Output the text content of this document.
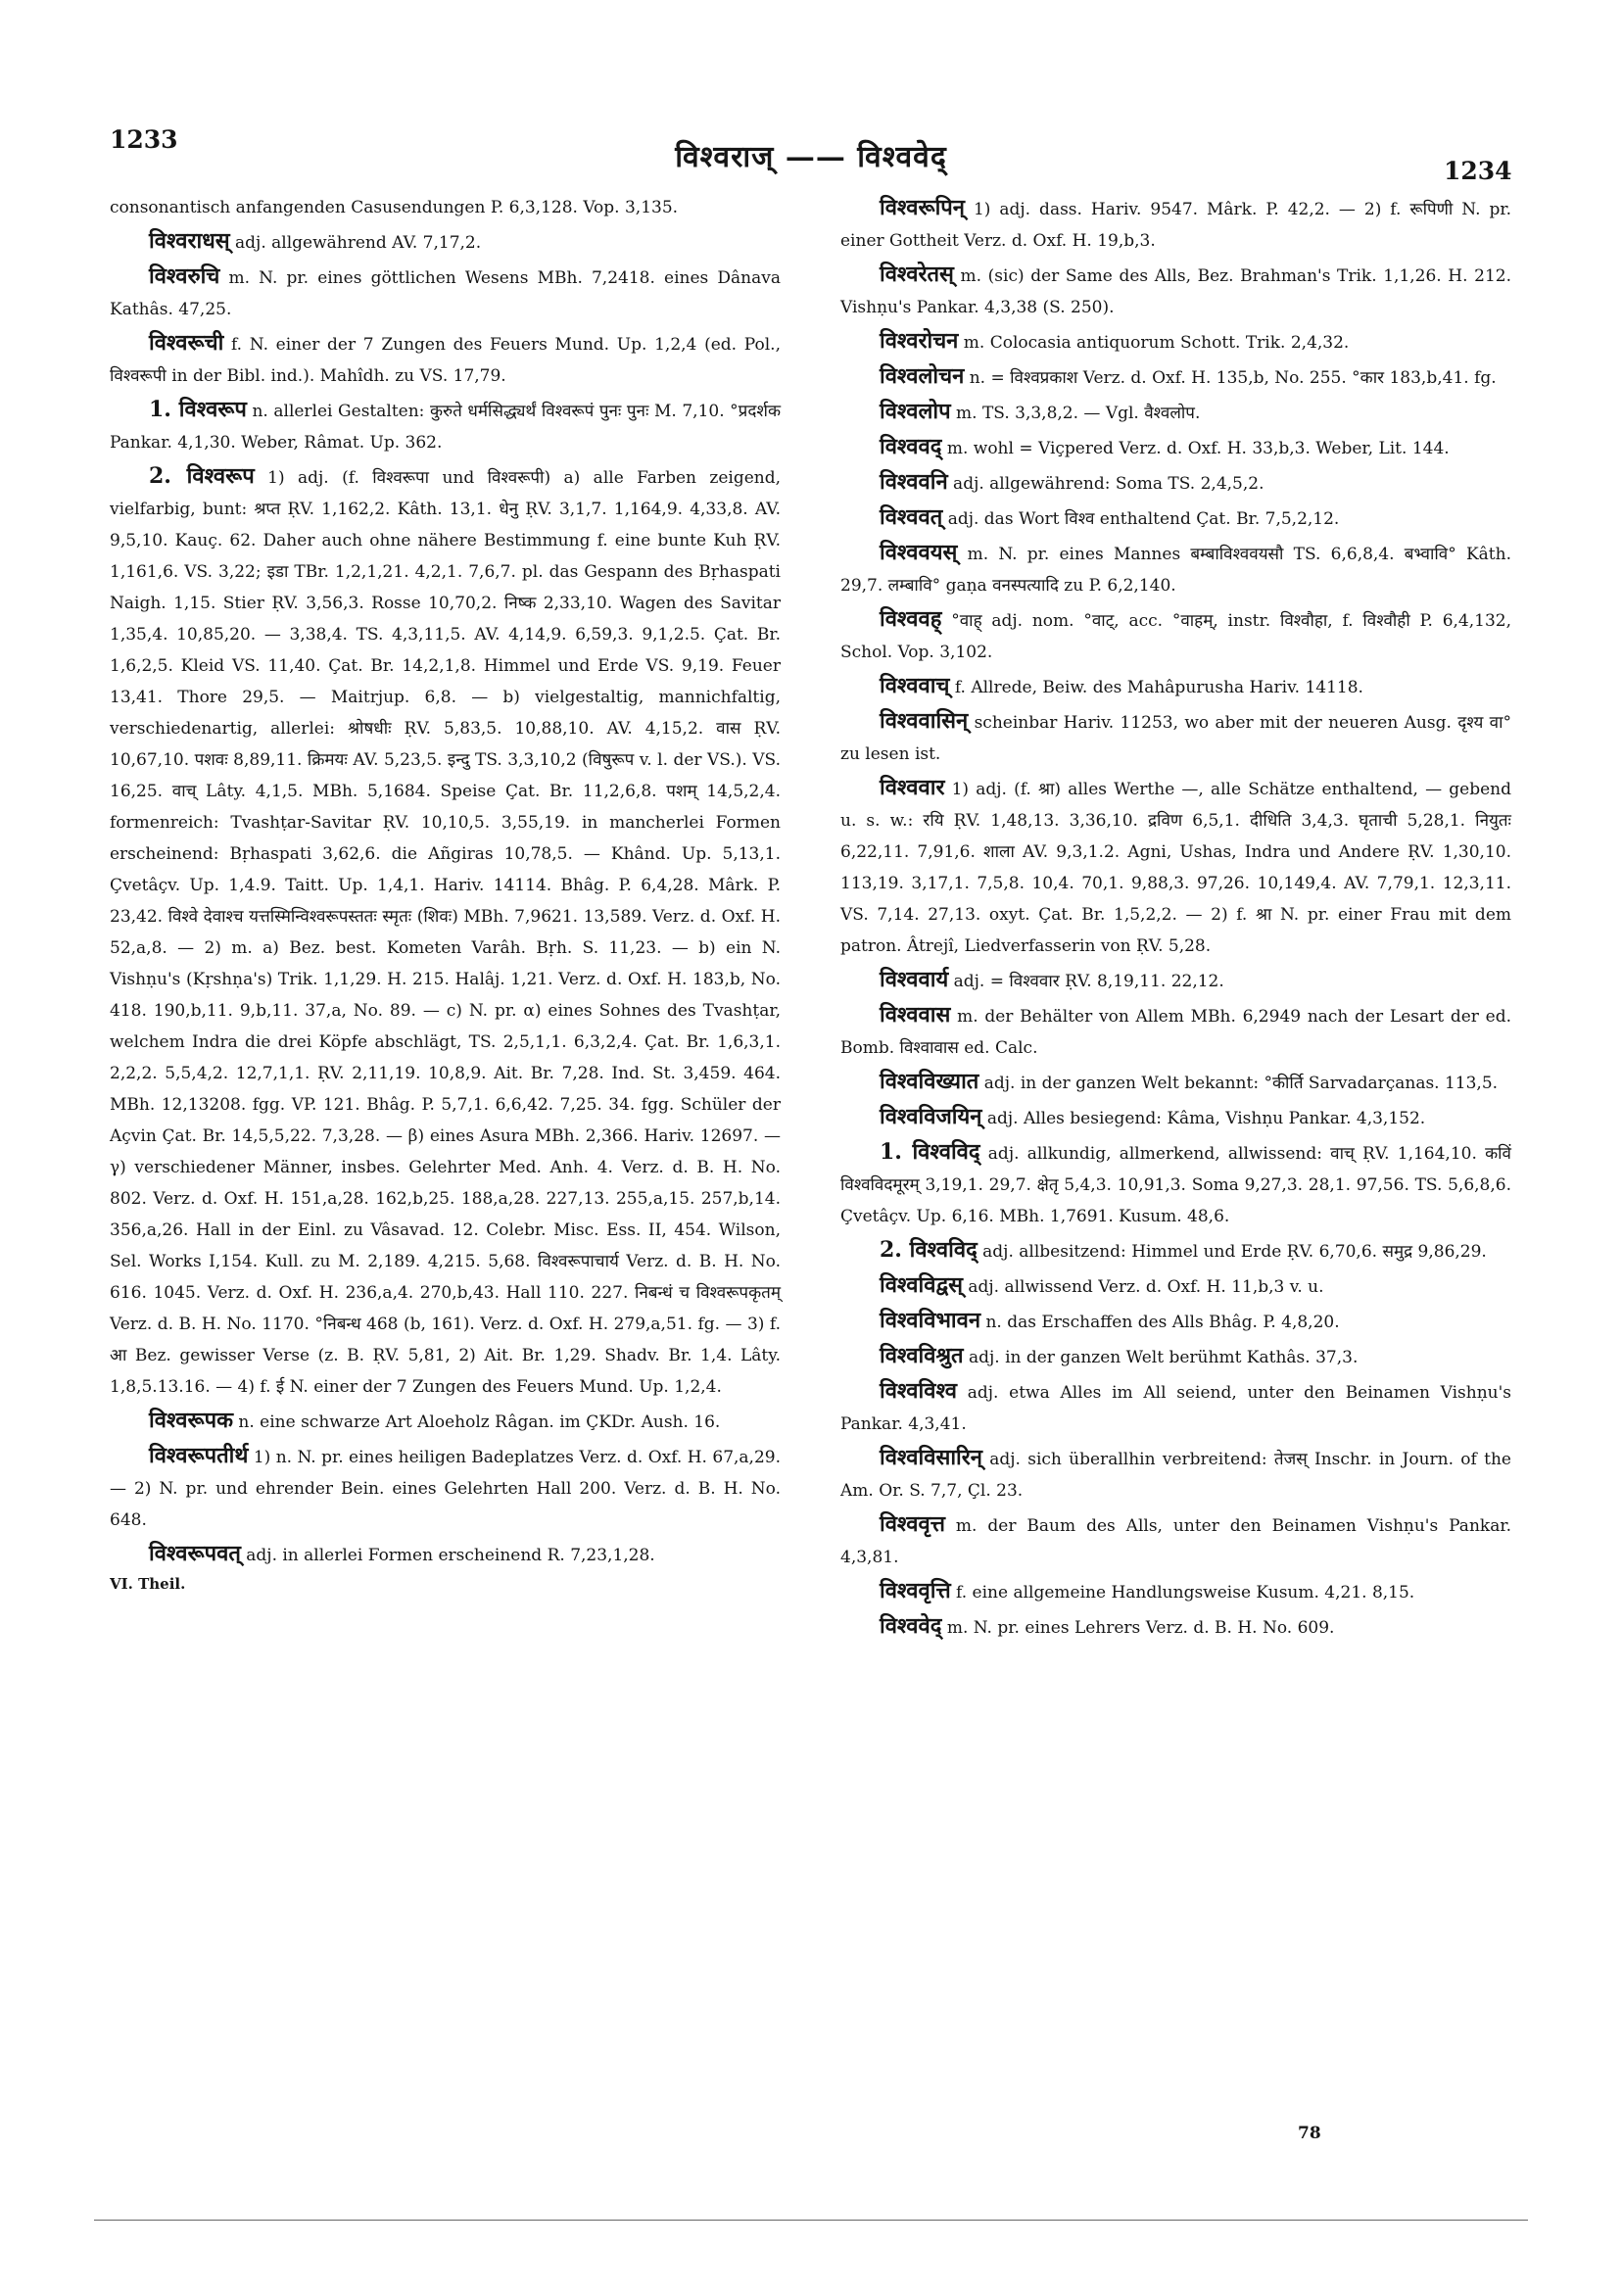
1233
विश्वराज् —— विश्ववेद्	1234

consonantisch anfangenden Casusendungen P. 6,3,128. Vop. 3,135.

विश्वराधस् adj. allgewährend AV. 7,17,2.

विश्वरुचि m. N. pr. eines göttlichen Wesens MBh. 7,2418. eines Dânava Kathâs. 47,25.

विश्वरूची f. N. einer der 7 Zungen des Feuers Mund. Up. 1,2,4 (ed. Pol., विश्वरूपी in der Bibl. ind.). Mahîdh. zu VS. 17,79.

1. विश्वरूप n. allerlei Gestalten: कुरुते धर्मसिद्ध्यर्थं विश्वरूपं पुनः पुनः M. 7,10. °प्रदर्शक Pankar. 4,1,30. Weber, Râmat. Up. 362.

2. विश्वरूप 1) adj. (f. विश्वरूपा und विश्वरूपी) a) alle Farben zeigend, vielfarbig, bunt: श्रप्त ṚV. 1,162,2. Kâth. 13,1. धेनु ṚV. 3,1,7. 1,164,9. 4,33,8. AV. 9,5,10. Kauç. 62. Daher auch ohne nähere Bestimmung f. eine bunte Kuh ṚV. 1,161,6. VS. 3,22; इडा TBr. 1,2,1,21. 4,2,1. 7,6,7. pl. das Gespann des Bṛhaspati Naigh. 1,15. Stier ṚV. 3,56,3. Rosse 10,70,2. निष्क 2,33,10. Wagen des Savitar 1,35,4. 10,85,20. — 3,38,4. TS. 4,3,11,5. AV. 4,14,9. 6,59,3. 9,1,2.5. Çat. Br. 1,6,2,5. Kleid VS. 11,40. Çat. Br. 14,2,1,8. Himmel und Erde VS. 9,19. Feuer 13,41. Thore 29,5. — Maitrjup. 6,8. — b) vielgestaltig, mannichfaltig, verschiedenartig, allerlei: श्रोषधीः ṚV. 5,83,5. 10,88,10. AV. 4,15,2. वास ṚV. 10,67,10. पशवः 8,89,11. क्रिमयः AV. 5,23,5. इन्दु TS. 3,3,10,2 (विषुरूप v. l. der VS.). VS. 16,25. वाच् Lâty. 4,1,5. MBh. 5,1684. Speise Çat. Br. 11,2,6,8. पशम् 14,5,2,4. formenreich: Tvashṭar-Savitar ṚV. 10,10,5. 3,55,19. in mancherlei Formen erscheinend: Bṛhaspati 3,62,6. die Añgiras 10,78,5. — Khând. Up. 5,13,1. Çvetâçv. Up. 1,4.9. Taitt. Up. 1,4,1. Hariv. 14114. Bhâg. P. 6,4,28. Mârk. P. 23,42. विश्वे देवाश्च यत्तस्मिन्विश्वरूपस्ततः स्मृतः (शिवः) MBh. 7,9621. 13,589. Verz. d. Oxf. H. 52,a,8. — 2) m. a) Bez. best. Kometen Varâh. Bṛh. S. 11,23. — b) ein N. Vishṇu's (Kṛshṇa's) Trik. 1,1,29. H. 215. Halâj. 1,21. Verz. d. Oxf. H. 183,b, No. 418. 190,b,11. 9,b,11. 37,a, No. 89. — c) N. pr. α) eines Sohnes des Tvashṭar, welchem Indra die drei Köpfe abschlägt, TS. 2,5,1,1. 6,3,2,4. Çat. Br. 1,6,3,1. 2,2,2. 5,5,4,2. 12,7,1,1. ṚV. 2,11,19. 10,8,9. Ait. Br. 7,28. Ind. St. 3,459. 464. MBh. 12,13208. fgg. VP. 121. Bhâg. P. 5,7,1. 6,6,42. 7,25. 34. fgg. Schüler der Açvin Çat. Br. 14,5,5,22. 7,3,28. — β) eines Asura MBh. 2,366. Hariv. 12697. — γ) verschiedener Männer, insbes. Gelehrter Med. Anh. 4. Verz. d. B. H. No. 802. Verz. d. Oxf. H. 151,a,28. 162,b,25. 188,a,28. 227,13. 255,a,15. 257,b,14. 356,a,26. Hall in der Einl. zu Vâsavad. 12. Colebr. Misc. Ess. II, 454. Wilson, Sel. Works I,154. Kull. zu M. 2,189. 4,215. 5,68. विश्वरूपाचार्य Verz. d. B. H. No. 616. 1045. Verz. d. Oxf. H. 236,a,4. 270,b,43. Hall 110. 227. निबन्धं च विश्वरूपकृतम् Verz. d. B. H. No. 1170. °निबन्ध 468 (b, 161). Verz. d. Oxf. H. 279,a,51. fg. — 3) f. आ Bez. gewisser Verse (z. B. ṚV. 5,81, 2) Ait. Br. 1,29. Shadv. Br. 1,4. Lâty. 1,8,5.13.16. — 4) f. ई N. einer der 7 Zungen des Feuers Mund. Up. 1,2,4.

विश्वरूपक n. eine schwarze Art Aloeholz Râgan. im ÇKDr. Aush. 16.

विश्वरूपतीर्थ 1) n. N. pr. eines heiligen Badeplatzes Verz. d. Oxf. H. 67,a,29. — 2) N. pr. und ehrender Bein. eines Gelehrten Hall 200. Verz. d. B. H. No. 648.

विश्वरूपवत् adj. in allerlei Formen erscheinend R. 7,23,1,28.

VI. Theil.

विश्वरूपिन् 1) adj. dass. Hariv. 9547. Mârk. P. 42,2. — 2) f. रूपिणी N. pr. einer Gottheit Verz. d. Oxf. H. 19,b,3.

विश्वरेतस् m. (sic) der Same des Alls, Bez. Brahman's Trik. 1,1,26. H. 212. Vishṇu's Pankar. 4,3,38 (S. 250).

विश्वरोचन m. Colocasia antiquorum Schott. Trik. 2,4,32.

विश्वलोचन n. = विश्वप्रकाश Verz. d. Oxf. H. 135,b, No. 255. °कार 183,b,41. fg.

विश्वलोप m. TS. 3,3,8,2. — Vgl. वैश्वलोप.

विश्ववद् m. wohl = Viçpered Verz. d. Oxf. H. 33,b,3. Weber, Lit. 144.

विश्ववनि adj. allgewährend: Soma TS. 2,4,5,2.

विश्ववत् adj. das Wort विश्व enthaltend Çat. Br. 7,5,2,12.

विश्ववयस् m. N. pr. eines Mannes बम्बाविश्ववयसौ TS. 6,6,8,4. बभ्वावि° Kâth. 29,7. लम्बावि° gaṇa वनस्पत्यादि zu P. 6,2,140.

विश्ववह् °वाह् adj. nom. °वाट्, acc. °वाहम्, instr. विश्वौहा, f. विश्वौही P. 6,4,132, Schol. Vop. 3,102.

विश्ववाच् f. Allrede, Beiw. des Mahâpurusha Hariv. 14118.

विश्ववासिन् scheinbar Hariv. 11253, wo aber mit der neueren Ausg. दृश्य वा° zu lesen ist.

विश्ववार 1) adj. (f. श्रा) alles Werthe —, alle Schätze enthaltend, — gebend u. s. w.: रयि ṚV. 1,48,13. 3,36,10. द्रविण 6,5,1. दीधिति 3,4,3. घृताची 5,28,1. नियुतः 6,22,11. 7,91,6. शाला AV. 9,3,1.2. Agni, Ushas, Indra und Andere ṚV. 1,30,10. 113,19. 3,17,1. 7,5,8. 10,4. 70,1. 9,88,3. 97,26. 10,149,4. AV. 7,79,1. 12,3,11. VS. 7,14. 27,13. oxyt. Çat. Br. 1,5,2,2. — 2) f. श्रा N. pr. einer Frau mit dem patron. Âtrejî, Liedverfasserin von ṚV. 5,28.

विश्ववार्य adj. = विश्ववार ṚV. 8,19,11. 22,12.

विश्ववास m. der Behälter von Allem MBh. 6,2949 nach der Lesart der ed. Bomb. विश्वावास ed. Calc.

विश्वविख्यात adj. in der ganzen Welt bekannt: °कीर्ति Sarvadarçanas. 113,5.

विश्वविजयिन् adj. Alles besiegend: Kâma, Vishṇu Pankar. 4,3,152.

1. विश्वविद् adj. allkundig, allmerkend, allwissend: वाच् ṚV. 1,164,10. कविं विश्वविदमूरम् 3,19,1. 29,7. क्षेतृ 5,4,3. 10,91,3. Soma 9,27,3. 28,1. 97,56. TS. 5,6,8,6. Çvetâçv. Up. 6,16. MBh. 1,7691. Kusum. 48,6.

2. विश्वविद् adj. allbesitzend: Himmel und Erde ṚV. 6,70,6. समुद्र 9,86,29.

विश्वविद्वस् adj. allwissend Verz. d. Oxf. H. 11,b,3 v. u.

विश्वविभावन n. das Erschaffen des Alls Bhâg. P. 4,8,20.

विश्वविश्रुत adj. in der ganzen Welt berühmt Kathâs. 37,3.

विश्वविश्व adj. etwa Alles im All seiend, unter den Beinamen Vishṇu's Pankar. 4,3,41.

विश्वविसारिन् adj. sich überallhin verbreitend: तेजस् Inschr. in Journ. of the Am. Or. S. 7,7, Çl. 23.

विश्ववृत्त m. der Baum des Alls, unter den Beinamen Vishṇu's Pankar. 4,3,81.

विश्ववृत्ति f. eine allgemeine Handlungsweise Kusum. 4,21. 8,15.

विश्ववेद् m. N. pr. eines Lehrers Verz. d. B. H. No. 609.

78
